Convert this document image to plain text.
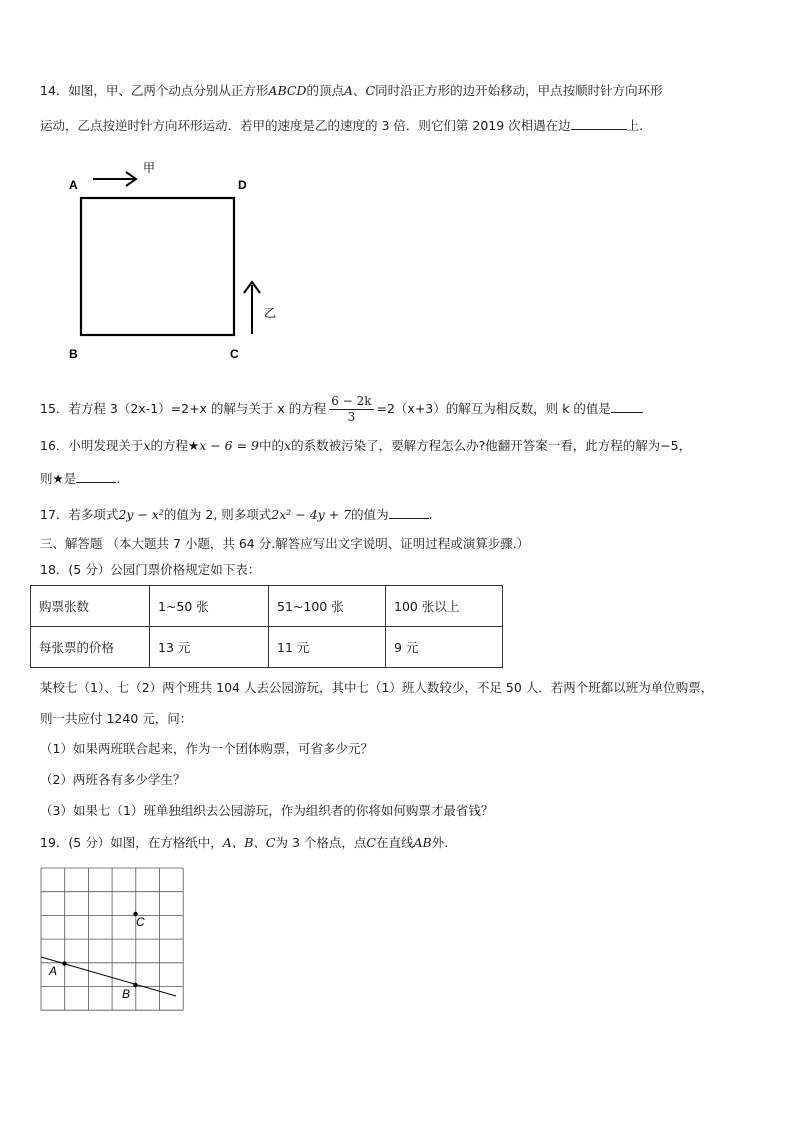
14．如图，甲、乙两个动点分别从正方形ABCD的顶点A、C同时沿正方形的边开始移动，甲点按顺时针方向环形
运动，乙点按逆时针方向环形运动．若甲的速度是乙的速度的 3 倍．则它们第 2019 次相遇在边	上.
A	D
B	C
甲
乙
15．若方程 3（2x-1）=2+x 的解与关于 x 的方程 $\frac{6 - 2k}{3} =2(x+3)$的解互为相反数，则 k 的值是
16．小明发现关于x的方程★x − 6 = 9中的x的系数被污染了，要解方程怎么办?他翻开答案一看，此方程的解为−5，
则★是	.
17．若多项式2y − x²的值为 2, 则多项式2x² − 4y + 7的值为	.
三、解答题 （本大题共 7 小题，共 64 分.解答应写出文字说明、证明过程或演算步骤.）
18．(5 分）公园门票价格规定如下表：
购票张数	1~50 张	51~100 张	100 张以上
每张票的价格	13 元	11 元	9 元
某校七（1）、七（2）两个班共 104 人去公园游玩，其中七（1）班人数较少，不足 50 人．若两个班都以班为单位购票，
则一共应付 1240 元，问：
（1）如果两班联合起来，作为一个团体购票，可省多少元？
（2）两班各有多少学生？
（3）如果七（1）班单独组织去公园游玩，作为组织者的你将如何购票才最省钱？
19．(5 分）如图，在方格纸中，A、B、C为 3 个格点，点C在直线AB外.
A
C
B
